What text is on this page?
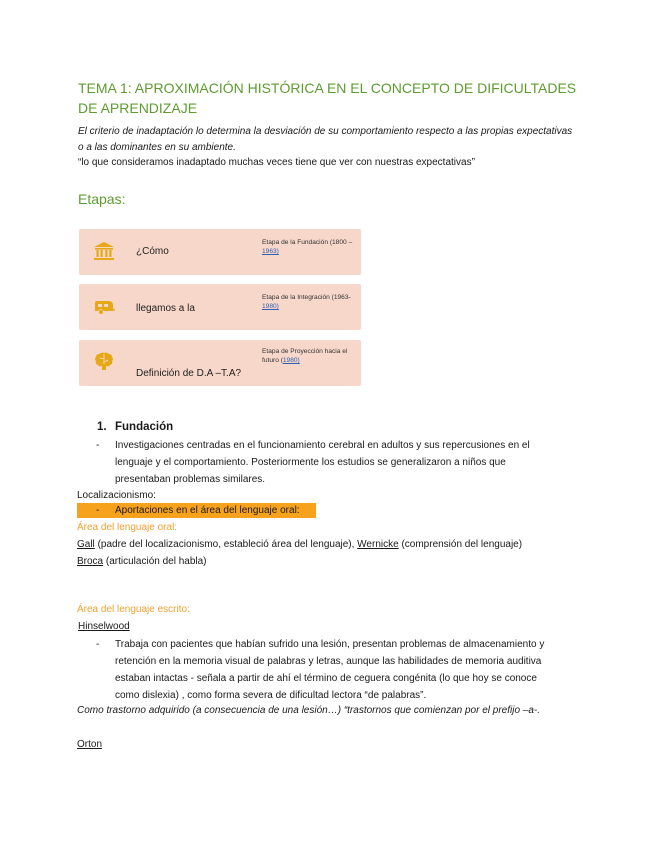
TEMA 1: APROXIMACIÓN HISTÓRICA EN EL CONCEPTO DE DIFICULTADES DE APRENDIZAJE
El criterio de inadaptación lo determina la desviación de su comportamiento respecto a las propias expectativas o a las dominantes en su ambiente.
“lo que consideramos inadaptado muchas veces tiene que ver con nuestras expectativas”
Etapas:
¿Cómo
Etapa de la Fundación (1800 – 1963)
llegamos a la
Etapa de la Integración (1963- 1980)
Definición de D.A –T.A?
Etapa de Proyección hacia el futuro (1980)
1. Fundación
- Investigaciones centradas en el funcionamiento cerebral en adultos y sus repercusiones en el
lenguaje y el comportamiento. Posteriormente los estudios se generalizaron a niños que
presentaban problemas similares.
Localizacionismo:
- Aportaciones en el área del lenguaje oral:
Área del lenguaje oral:
Gall (padre del localizacionismo, estableció área del lenguaje), Wernicke (comprensión del lenguaje)
Broca (articulación del habla)
Área del lenguaje escrito:
Hinselwood
- Trabaja con pacientes que habían sufrido una lesión, presentan problemas de almacenamiento y
retención en la memoria visual de palabras y letras, aunque las habilidades de memoria auditiva
estaban intactas - señala a partir de ahí el término de ceguera congénita (lo que hoy se conoce
como dislexia) , como forma severa de dificultad lectora “de palabras”.
Como trastorno adquirido (a consecuencia de una lesión…) “trastornos que comienzan por el prefijo –a-.
Orton
